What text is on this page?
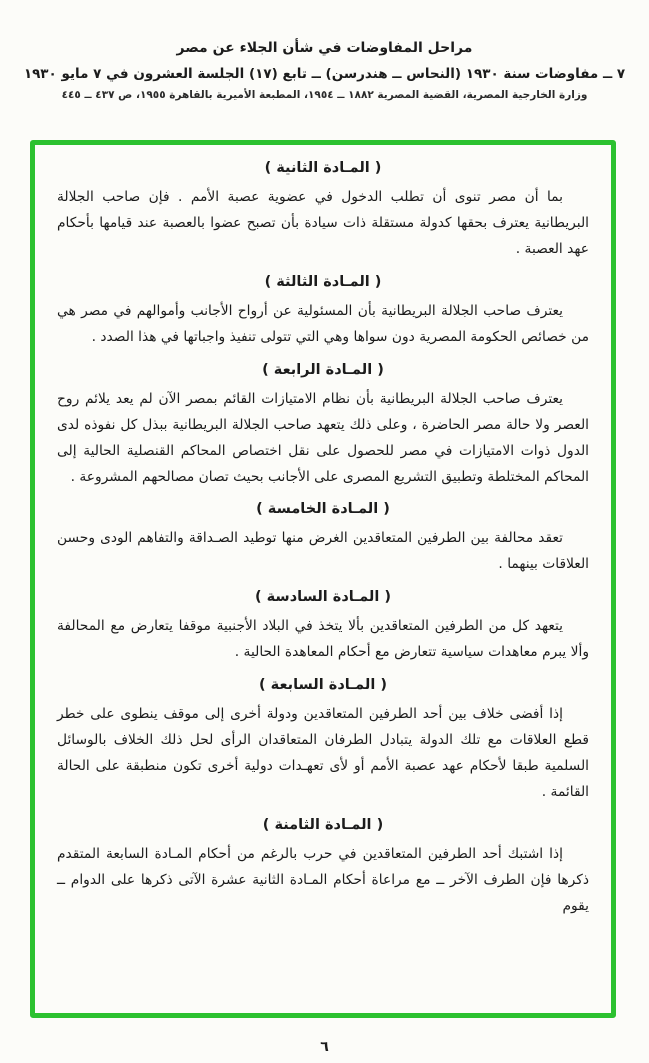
مراحل المفاوضات في شأن الجلاء عن مصر
٧ ــ مفاوضات سنة ١٩٣٠ (النحاس ــ هندرسن) ــ تابع (١٧) الجلسة العشرون في ٧ مايو ١٩٣٠
وزارة الخارجية المصرية، القضية المصرية ١٨٨٢ ــ ١٩٥٤، المطبعة الأميرية بالقاهرة ١٩٥٥، ص ٤٣٧ ــ ٤٤٥
( المـادة الثانية )

بما أن مصر تنوى أن تطلب الدخول في عضوية عصبة الأمم . فإن صاحب الجلالة البريطانية يعترف بحقها كدولة مستقلة ذات سيادة بأن تصبح عضوا بالعصبة عند قيامها بأحكام عهد العصبة .

( المـادة الثالثة )

يعترف صاحب الجلالة البريطانية بأن المسئولية عن أرواح الأجانب وأموالهم في مصر هي من خصائص الحكومة المصرية دون سواها وهي التي تتولى تنفيذ واجباتها في هذا الصدد .

( المـادة الرابعة )

يعترف صاحب الجلالة البريطانية بأن نظام الامتيازات القائم بمصر الآن لم يعد يلائم روح العصر ولا حالة مصر الحاضرة ، وعلى ذلك يتعهد صاحب الجلالة البريطانية ببذل كل نفوذه لدى الدول ذوات الامتيازات في مصر للحصول على نقل اختصاص المحاكم القنصلية الحالية إلى المحاكم المختلطة وتطبيق التشريع المصرى على الأجانب بحيث تصان مصالحهم المشروعة .

( المـادة الخامسة )

تعقد محالفة بين الطرفين المتعاقدين الغرض منها توطيد الصـداقة والتفاهم الودى وحسن العلاقات بينهما .

( المـادة السادسة )

يتعهد كل من الطرفين المتعاقدين بألا يتخذ في البلاد الأجنبية موقفا يتعارض مع المحالفة وألا يبرم معاهدات سياسية تتعارض مع أحكام المعاهدة الحالية .

( المـادة السابعة )

إذا أفضى خلاف بين أحد الطرفين المتعاقدين ودولة أخرى إلى موقف ينطوى على خطر قطع العلاقات مع تلك الدولة يتبادل الطرفان المتعاقدان الرأى لحل ذلك الخلاف بالوسائل السلمية طبقا لأحكام عهد عصبة الأمم أو لأى تعهـدات دولية أخرى تكون منطبقة على الحالة القائمة .

( المـادة الثامنة )

إذا اشتبك أحد الطرفين المتعاقدين في حرب بالرغم من أحكام المـادة السابعة المتقدم ذكرها فإن الطرف الآخر ــ مع مراعاة أحكام المـادة الثانية عشرة الآتى ذكرها على الدوام ــ يقوم

٦
